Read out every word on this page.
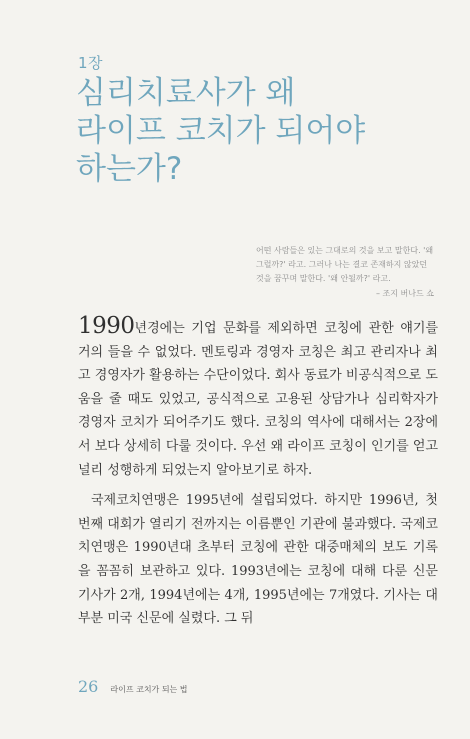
1장
심리치료사가 왜
라이프 코치가 되어야
하는가?
어떤 사람들은 있는 그대로의 것을 보고 말한다. '왜 그럴까?' 라고. 그러나 나는 결코 존재하지 않았던 것을 꿈꾸며 말한다. '왜 안될까?' 라고.
– 조지 버나드 쇼

1990년경에는 기업 문화를 제외하면 코칭에 관한 얘기를 거의 들을 수 없었다. 멘토링과 경영자 코칭은 최고 관리자나 최고 경영자가 활용하는 수단이었다. 회사 동료가 비공식적으로 도움을 줄 때도 있었고, 공식적으로 고용된 상담가나 심리학자가 경영자 코치가 되어주기도 했다. 코칭의 역사에 대해서는 2장에서 보다 상세히 다룰 것이다. 우선 왜 라이프 코칭이 인기를 얻고 널리 성행하게 되었는지 알아보기로 하자.

국제코치연맹은 1995년에 설립되었다. 하지만 1996년, 첫 번째 대회가 열리기 전까지는 이름뿐인 기관에 불과했다. 국제코치연맹은 1990년대 초부터 코칭에 관한 대중매체의 보도 기록을 꼼꼼히 보관하고 있다. 1993년에는 코칭에 대해 다룬 신문 기사가 2개, 1994년에는 4개, 1995년에는 7개였다. 기사는 대부분 미국 신문에 실렸다. 그 뒤

26 라이프 코치가 되는 법
